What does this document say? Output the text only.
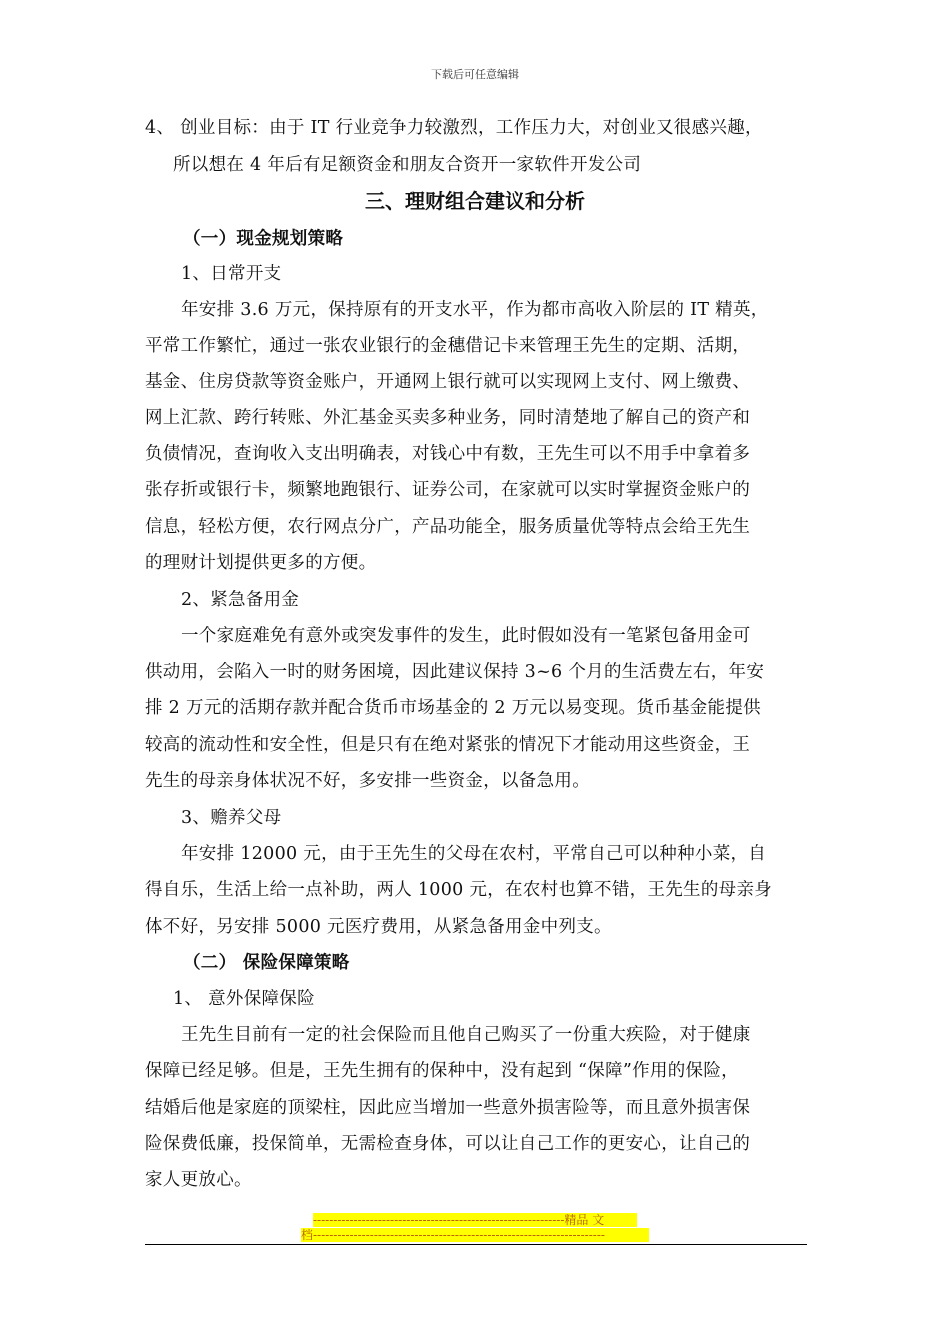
下载后可任意编辑
4、 创业目标：由于 IT 行业竞争力较激烈，工作压力大，对创业又很感兴趣，
所以想在 4 年后有足额资金和朋友合资开一家软件开发公司
三、理财组合建议和分析
（一）现金规划策略
1、日常开支
年安排 3.6 万元，保持原有的开支水平，作为都市高收入阶层的 IT 精英，
平常工作繁忙，通过一张农业银行的金穗借记卡来管理王先生的定期、活期，
基金、住房贷款等资金账户，开通网上银行就可以实现网上支付、网上缴费、
网上汇款、跨行转账、外汇基金买卖多种业务，同时清楚地了解自己的资产和
负债情况，查询收入支出明确表，对钱心中有数，王先生可以不用手中拿着多
张存折或银行卡，频繁地跑银行、证券公司，在家就可以实时掌握资金账户的
信息，轻松方便，农行网点分广，产品功能全，服务质量优等特点会给王先生
的理财计划提供更多的方便。
2、紧急备用金
一个家庭难免有意外或突发事件的发生，此时假如没有一笔紧包备用金可
供动用，会陷入一时的财务困境，因此建议保持 3~6 个月的生活费左右，年安
排 2 万元的活期存款并配合货币市场基金的 2 万元以易变现。货币基金能提供
较高的流动性和安全性，但是只有在绝对紧张的情况下才能动用这些资金，王
先生的母亲身体状况不好，多安排一些资金，以备急用。
3、赡养父母
年安排 12000 元，由于王先生的父母在农村，平常自己可以种种小菜，自
得自乐，生活上给一点补助，两人 1000 元，在农村也算不错，王先生的母亲身
体不好，另安排 5000 元医疗费用，从紧急备用金中列支。
（二） 保险保障策略
1、 意外保障保险
王先生目前有一定的社会保险而且他自己购买了一份重大疾险，对于健康
保障已经足够。但是，王先生拥有的保种中，没有起到 “保障”作用的保险，
结婚后他是家庭的顶梁柱，因此应当增加一些意外损害险等，而且意外损害保
险保费低廉，投保简单，无需检查身体，可以让自己工作的更安心，让自己的
家人更放心。
--------------------------------------------------------------精品 文
档------------------------------------------------------------------------
